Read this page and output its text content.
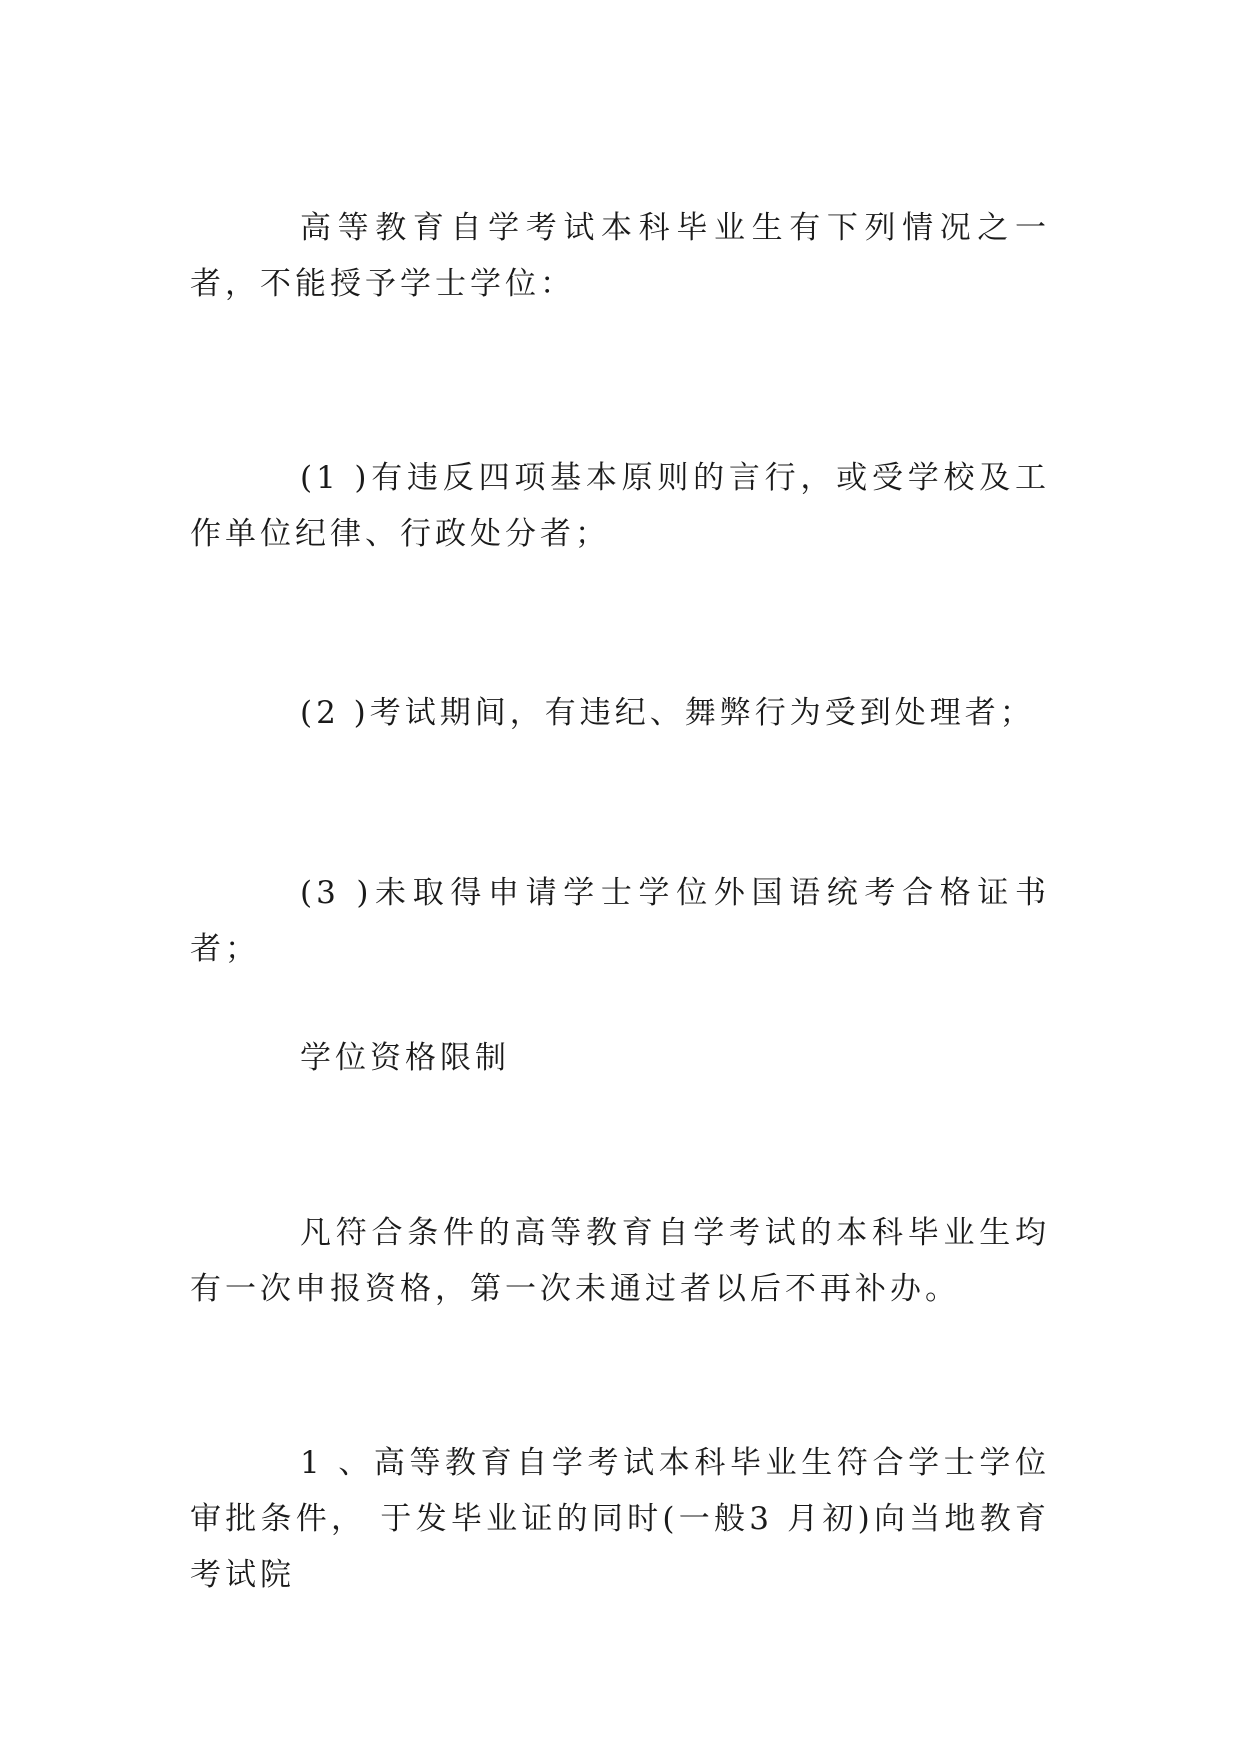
高等教育自学考试本科毕业生有下列情况之一者，不能授予学士学位：

(1 )有违反四项基本原则的言行，或受学校及工作单位纪律、行政处分者；

(2 )考试期间，有违纪、舞弊行为受到处理者；

(3 )未取得申请学士学位外国语统考合格证书者；

学位资格限制

凡符合条件的高等教育自学考试的本科毕业生均有一次申报资格，第一次未通过者以后不再补办。

1 、高等教育自学考试本科毕业生符合学士学位审批条件， 于发毕业证的同时(一般3 月初)向当地教育考试院
